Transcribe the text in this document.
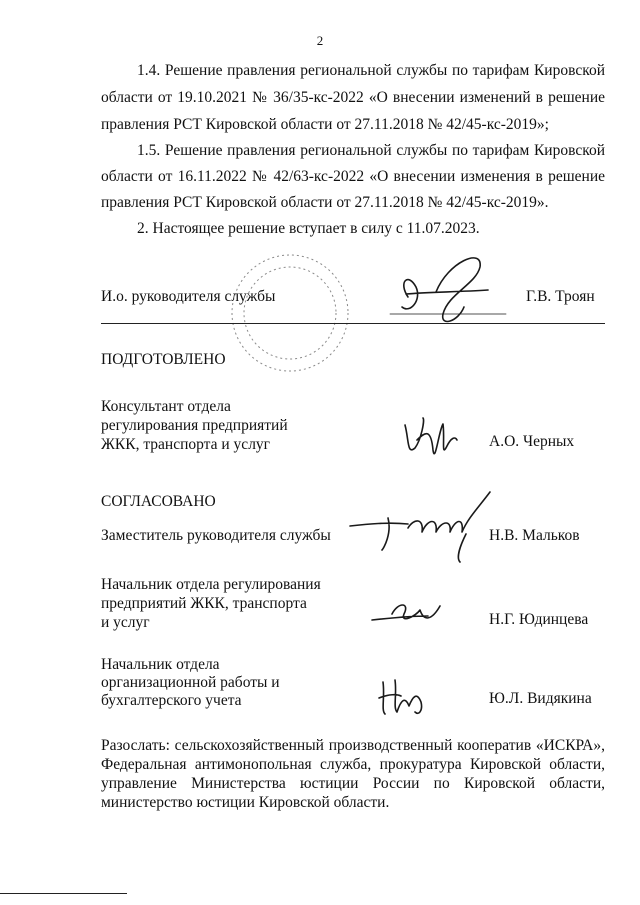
2
1.4. Решение правления региональной службы по тарифам Кировской
области от 19.10.2021 № 36/35-кс-2022 «О внесении изменений в решение
правления РСТ Кировской области от 27.11.2018 № 42/45-кс-2019»;
1.5. Решение правления региональной службы по тарифам Кировской
области от 16.11.2022 № 42/63-кс-2022 «О внесении изменения в решение
правления РСТ Кировской области от 27.11.2018 № 42/45-кс-2019».
2. Настоящее решение вступает в силу с 11.07.2023.
И.о. руководителя службы	Г.В. Троян
ПОДГОТОВЛЕНО
Консультант отдела
регулирования предприятий
ЖКК, транспорта и услуг	А.О. Черных
СОГЛАСОВАНО
Заместитель руководителя службы	Н.В. Мальков
Начальник отдела регулирования
предприятий ЖКК, транспорта
и услуг	Н.Г. Юдинцева
Начальник отдела
организационной работы и
бухгалтерского учета	Ю.Л. Видякина
Разослать: сельскохозяйственный производственный кооператив «ИСКРА»,
Федеральная антимонопольная служба, прокуратура Кировской области,
управление Министерства юстиции России по Кировской области,
министерство юстиции Кировской области.
